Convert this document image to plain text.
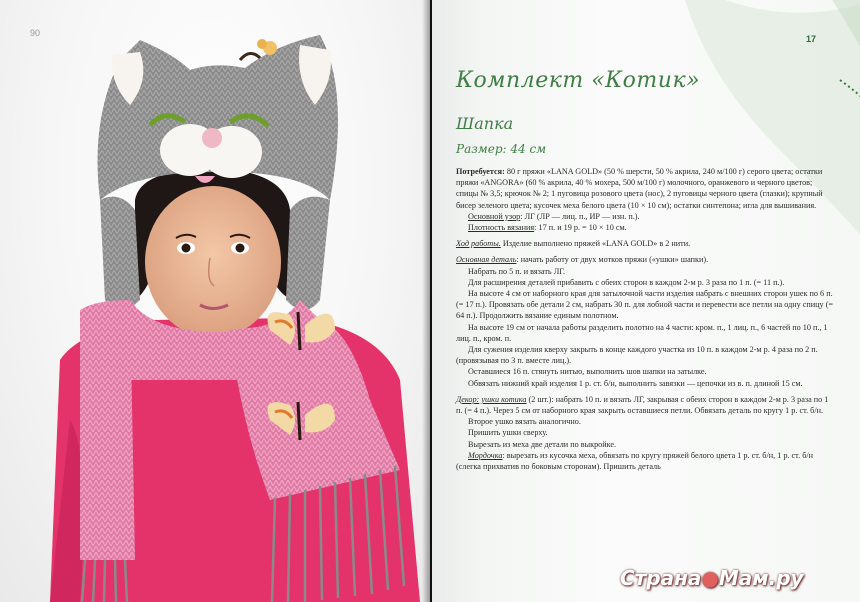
90
17
Комплект «Котик»
Шапка
Размер: 44 см

Потребуется: 80 г пряжи «LANA GOLD» (50 % шерсти, 50 % акрила, 240 м/100 г) серого цвета; остатки пряжи «ANGORA» (60 % акрила, 40 % мохера, 500 м/100 г) молочного, оранжевого и черного цветов; спицы № 3,5; крючок № 2; 1 пуговица розового цвета (нос), 2 пуговицы черного цвета (глазки); крупный бисер зеленого цвета; кусочек меха белого цвета (10 × 10 см); остатки синтепона; игла для вышивания.

Основной узор: ЛГ (ЛР — лиц. п., ИР — изн. п.).

Плотность вязания: 17 п. и 19 р. = 10 × 10 см.

Ход работы. Изделие выполнено пряжей «LANA GOLD» в 2 нити.

Основная деталь: начать работу от двух мотков пряжи («ушки» шапки).

Набрать по 5 п. и вязать ЛГ.

Для расширения деталей прибавить с обеих сторон в каждом 2-м р. 3 раза по 1 п. (= 11 п.).

На высоте 4 см от наборного края для затылочной части изделия набрать с внешних сторон ушек по 6 п. (= 17 п.). Провязать обе детали 2 см, набрать 30 п. для лобной части и перевести все петли на одну спицу (= 64 п.). Продолжить вязание единым полотном.

На высоте 19 см от начала работы разделить полотно на 4 части: кром. п., 1 лиц. п., 6 частей по 10 п., 1 лиц. п., кром. п.

Для сужения изделия кверху закрыть в конце каждого участка из 10 п. в каждом 2-м р. 4 раза по 2 п. (провязывая по 3 п. вместе лиц.).

Оставшиеся 16 п. стянуть нитью, выполнить шов шапки на затылке.

Обвязать нижний край изделия 1 р. ст. б/н, выполнить завязки — цепочки из в. п. длиной 15 см.

Декор: ушки котика (2 шт.): набрать 10 п. и вязать ЛГ, закрывая с обеих сторон в каждом 2-м р. 3 раза по 1 п. (= 4 п.). Через 5 см от наборного края закрыть оставшиеся петли. Обвязать деталь по кругу 1 р. ст. б/н.

Второе ушко вязать аналогично.

Пришить ушки сверху.

Вырезать из меха две детали по выкройке.

Мордочка: вырезать из кусочка меха, обвязать по кругу пряжей белого цвета 1 р. ст. б/н, 1 р. ст. б/н (слегка прихватив по боковым сторонам). Пришить деталь

Страна●Мам.ру
